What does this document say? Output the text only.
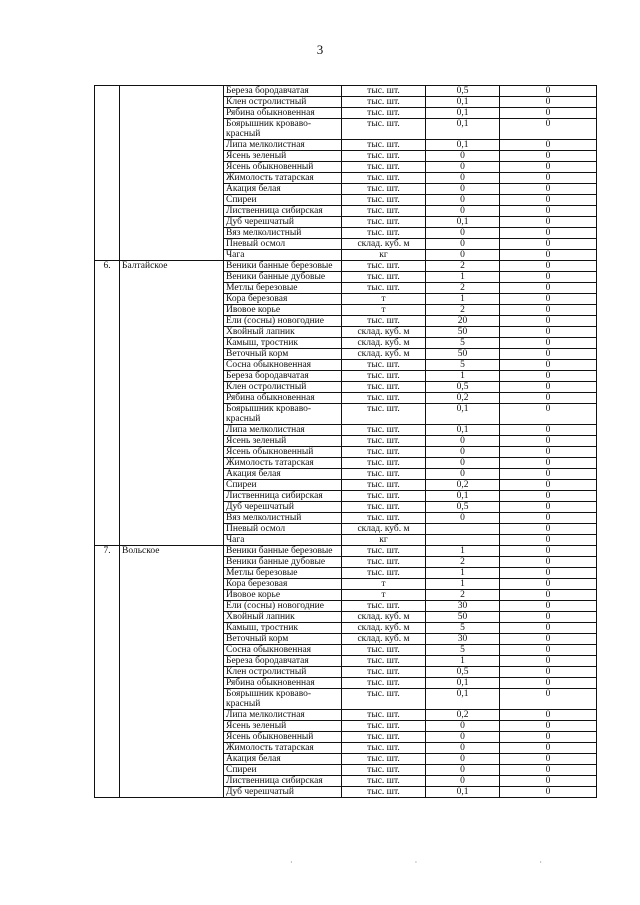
3
		Береза бородавчатая	тыс. шт.	0,5	0
		Клен остролистный	тыс. шт.	0,1	0
		Рябина обыкновенная	тыс. шт.	0,1	0
		Боярышник кроваво-красный	тыс. шт.	0,1	0
		Липа мелколистная	тыс. шт.	0,1	0
		Ясень зеленый	тыс. шт.	0	0
		Ясень обыкновенный	тыс. шт.	0	0
		Жимолость татарская	тыс. шт.	0	0
		Акация белая	тыс. шт.	0	0
		Спиреи	тыс. шт.	0	0
		Лиственница сибирская	тыс. шт.	0	0
		Дуб черешчатый	тыс. шт.	0,1	0
		Вяз мелколистный	тыс. шт.	0	0
		Пневый осмол	склад. куб. м	0	0
		Чага	кг	0	0
6.	Балтайское	Веники банные березовые	тыс. шт.	2	0
		Веники банные дубовые	тыс. шт.	1	0
		Метлы березовые	тыс. шт.	2	0
		Кора березовая	т	1	0
		Ивовое корье	т	2	0
		Ели (сосны) новогодние	тыс. шт.	20	0
		Хвойный лапник	склад. куб. м	50	0
		Камыш, тростник	склад. куб. м	5	0
		Веточный корм	склад. куб. м	50	0
		Сосна обыкновенная	тыс. шт.	5	0
		Береза бородавчатая	тыс. шт.	1	0
		Клен остролистный	тыс. шт.	0,5	0
		Рябина обыкновенная	тыс. шт.	0,2	0
		Боярышник кроваво-красный	тыс. шт.	0,1	0
		Липа мелколистная	тыс. шт.	0,1	0
		Ясень зеленый	тыс. шт.	0	0
		Ясень обыкновенный	тыс. шт.	0	0
		Жимолость татарская	тыс. шт.	0	0
		Акация белая	тыс. шт.	0	0
		Спиреи	тыс. шт.	0,2	0
		Лиственница сибирская	тыс. шт.	0,1	0
		Дуб черешчатый	тыс. шт.	0,5	0
		Вяз мелколистный	тыс. шт.	0	0
		Пневый осмол	склад. куб. м		0
		Чага	кг		0
7.	Вольское	Веники банные березовые	тыс. шт.	1	0
		Веники банные дубовые	тыс. шт.	2	0
		Метлы березовые	тыс. шт.	1	0
		Кора березовая	т	1	0
		Ивовое корье	т	2	0
		Ели (сосны) новогодние	тыс. шт.	30	0
		Хвойный лапник	склад. куб. м	50	0
		Камыш, тростник	склад. куб. м	5	0
		Веточный корм	склад. куб. м	30	0
		Сосна обыкновенная	тыс. шт.	5	0
		Береза бородавчатая	тыс. шт.	1	0
		Клен остролистный	тыс. шт.	0,5	0
		Рябина обыкновенная	тыс. шт.	0,1	0
		Боярышник кроваво-красный	тыс. шт.	0,1	0
		Липа мелколистная	тыс. шт.	0,2	0
		Ясень зеленый	тыс. шт.	0	0
		Ясень обыкновенный	тыс. шт.	0	0
		Жимолость татарская	тыс. шт.	0	0
		Акация белая	тыс. шт.	0	0
		Спиреи	тыс. шт.	0	0
		Лиственница сибирская	тыс. шт.	0	0
		Дуб черешчатый	тыс. шт.	0,1	0
· · ·
